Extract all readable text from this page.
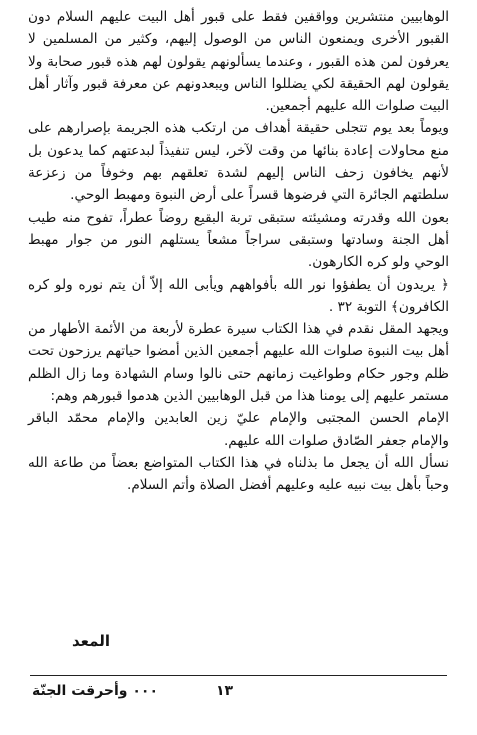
الوهابيين منتشرين وواقفين فقط على قبور أهل البيت عليهم السلام دون القبور الأخرى ويمنعون الناس من الوصول إليهم، وكثير من المسلمين لا يعرفون لمن هذه القبور ، وعندما يسألونهم يقولون لهم هذه قبور صحابة ولا يقولون لهم الحقيقة لكي يضللوا الناس ويبعدونهم عن معرفة قبور وآثار أهل البيت صلوات الله عليهم أجمعين.

ويوماً بعد يوم تتجلى حقيقة أهداف من ارتكب هذه الجريمة بإصرارهم على منع محاولات إعادة بنائها من وقت لآخر، ليس تنفيذاً لبدعتهم كما يدعون بل لأنهم يخافون زحف الناس إليهم لشدة تعلقهم بهم وخوفاً من زعزعة سلطتهم الجائرة التي فرضوها قسراً على أرض النبوة ومهبط الوحي.

بعون الله وقدرته ومشيئته ستبقى تربة البقيع روضاً عطراً، تفوح منه طيب أهل الجنة وسادتها وستبقى سراجاً مشعاً يستلهم النور من جوار مهبط الوحي ولو كره الكارهون.

﴿ يريدون أن يطفؤوا نور الله بأفواههم ويأبى الله إلاّ أن يتم نوره ولو كره الكافرون﴾ التوبة ٣٢ .

ويجهد المقل نقدم في هذا الكتاب سيرة عطرة لأربعة من الأئمة الأطهار من أهل بيت النبوة صلوات الله عليهم أجمعين الذين أمضوا حياتهم يرزحون تحت ظلم وجور حكام وطواغيت زمانهم حتى نالوا وسام الشهادة وما زال الظلم مستمر عليهم إلى يومنا هذا من قبل الوهابيين الذين هدموا قبورهم وهم:

الإمام الحسن المجتبى والإمام عليّ زين العابدين والإمام محمّد الباقر والإمام جعفر الصّادق صلوات الله عليهم.

نسأل الله أن يجعل ما بذلناه في هذا الكتاب المتواضع بعضاً من طاعة الله وحباً بأهل بيت نبيه عليه وعليهم أفضل الصلاة وأتم السلام.

المعد
٠٠٠ وأحرقت الجنّة	١٣
